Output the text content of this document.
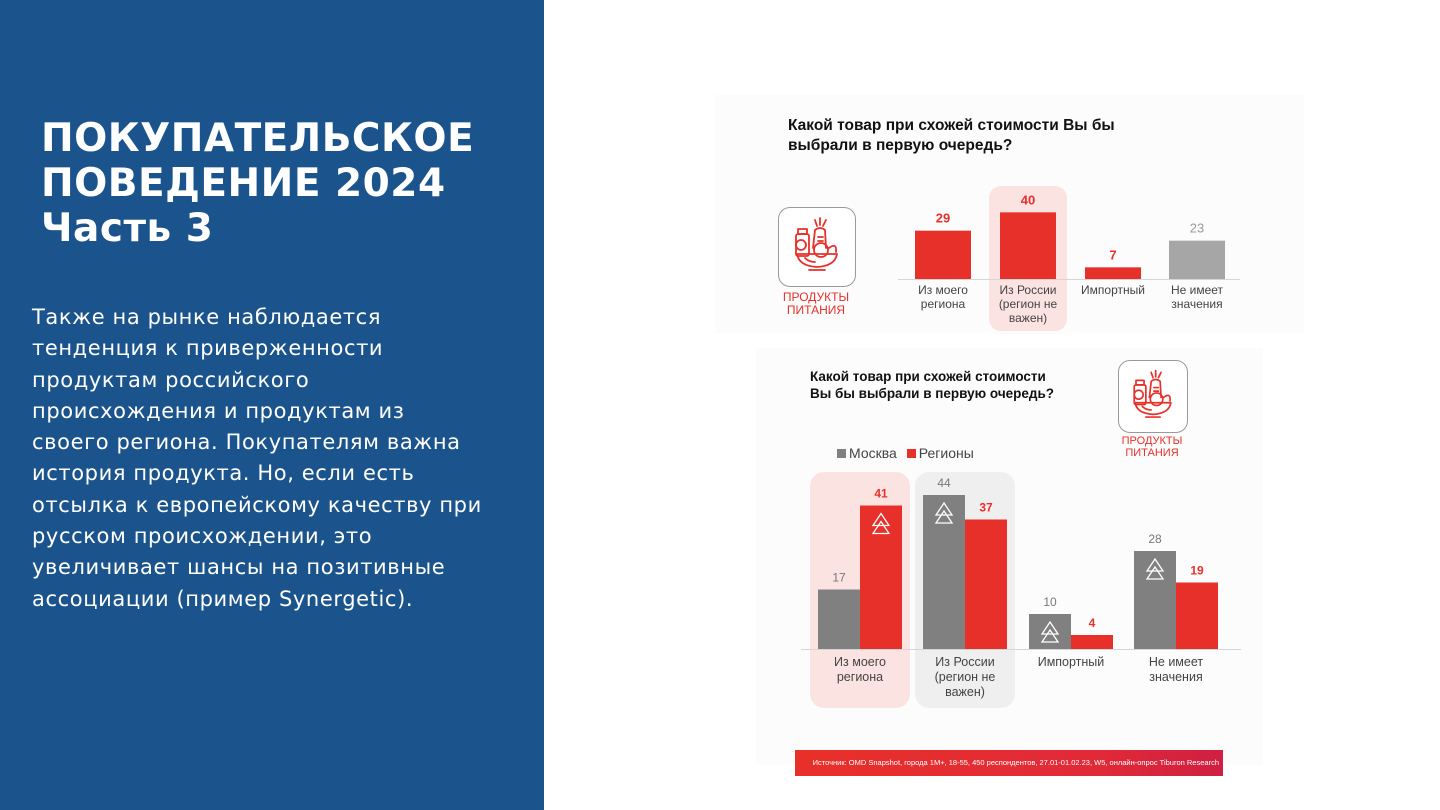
ПОКУПАТЕЛЬСКОЕ
ПОВЕДЕНИЕ 2024
Часть 3
Также на рынке наблюдается
тенденция к приверженности
продуктам российского
происхождения и продуктам из
своего региона. Покупателям важна
история продукта. Но, если есть
отсылка к европейскому качеству при
русском происхождении, это
увеличивает шансы на позитивные
ассоциации (пример Synergetic).
Какой товар при схожей стоимости Вы бы
выбрали в первую очередь?
ПРОДУКТЫ
ПИТАНИЯ
29
Из моего
региона
40
Из России
(регион не
важен)
7
Импортный
23
Не имеет
значения
Какой товар при схожей стоимости
Вы бы выбрали в первую очередь?
ПРОДУКТЫ
ПИТАНИЯ
Москва Регионы
17
44
10
28
41
37
4
19
Из моего
региона
Из России
(регион не
важен)
Импортный	Не имеет
значения
Источник: OMD Snapshot, города 1M+, 18-55, 450 респондентов, 27.01-01.02.23, W5, онлайн-опрос Tiburon Research
